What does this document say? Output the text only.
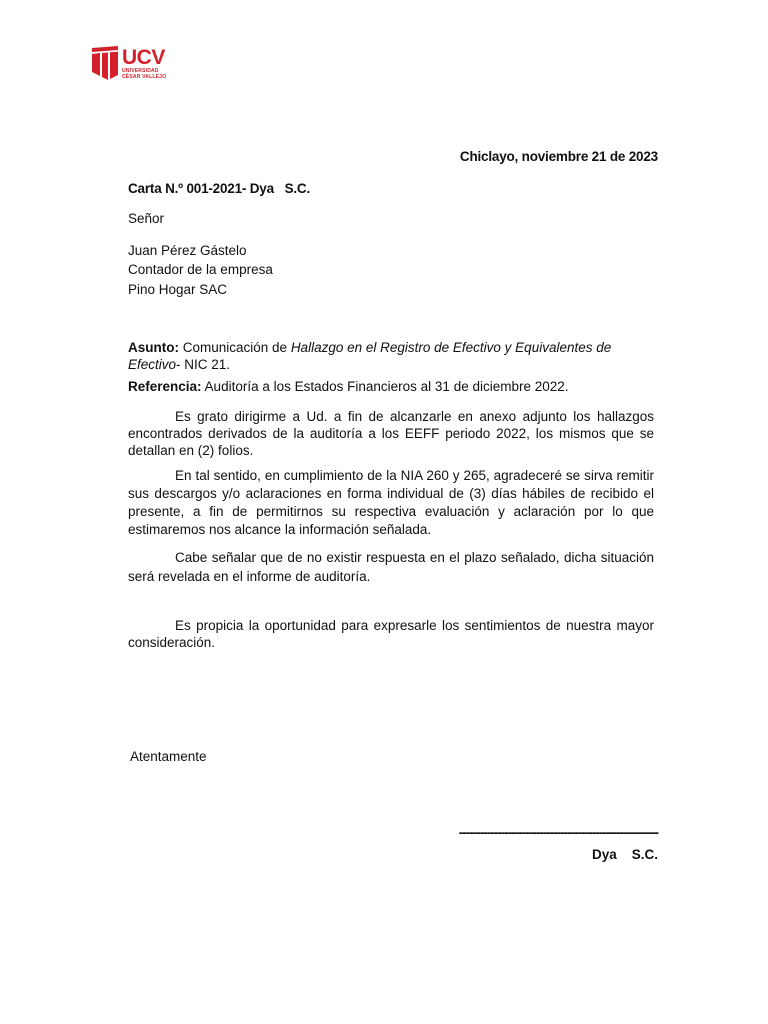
UCV
UNIVERSIDAD
CÉSAR VALLEJO
Chiclayo, noviembre 21 de 2023
Carta N.º 001-2021- Dya   S.C.
Señor
Juan Pérez Gástelo
Contador de la empresa
Pino Hogar SAC
Asunto: Comunicación de Hallazgo en el Registro de Efectivo y Equivalentes de Efectivo- NIC 21.
Referencia: Auditoría a los Estados Financieros al 31 de diciembre 2022.

Es grato dirigirme a Ud. a fin de alcanzarle en anexo adjunto los hallazgos encontrados derivados de la auditoría a los EEFF periodo 2022, los mismos que se detallan en (2) folios.

En tal sentido, en cumplimiento de la NIA 260 y 265, agradeceré se sirva remitir sus descargos y/o aclaraciones en forma individual de (3) días hábiles de recibido el presente, a fin de permitirnos su respectiva evaluación y aclaración por lo que estimaremos nos alcance la información señalada.

Cabe señalar que de no existir respuesta en el plazo señalado, dicha situación será revelada en el informe de auditoría.

Es propicia la oportunidad para expresarle los sentimientos de nuestra mayor consideración.

Atentamente
---------------------------------------------------------
Dya    S.C.
